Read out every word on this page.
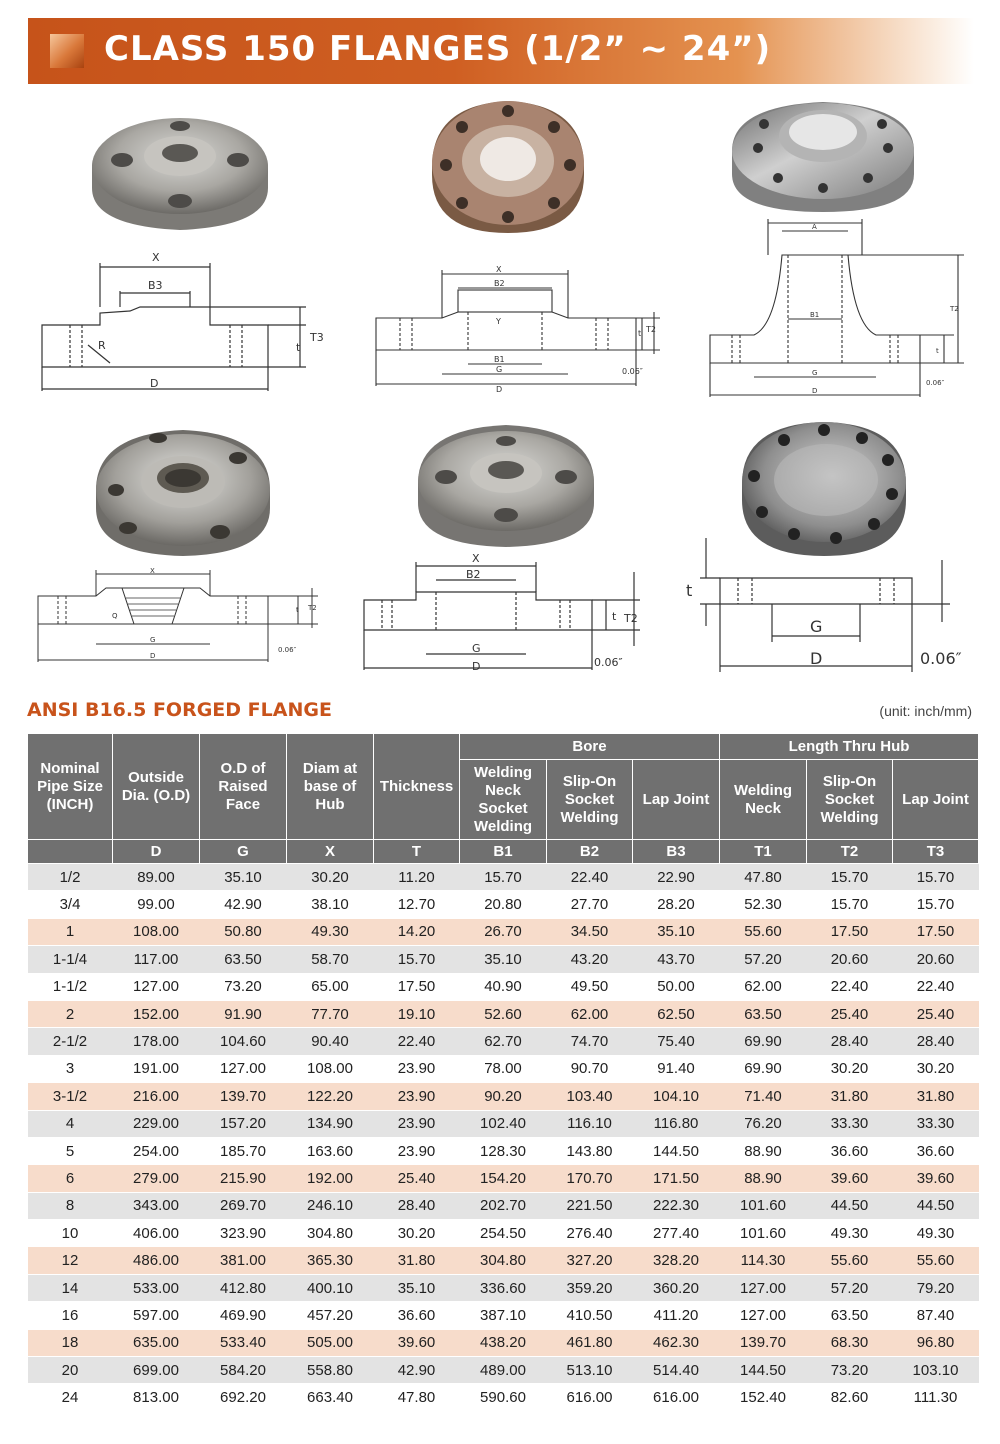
CLASS 150 FLANGES (1/2” ~ 24”)
X
B3
R
D
t
T3
X
B2
Y
B1
G
D
t T2
0.06″
A
B1
G
D
t
T2
0.06″
X
Q
G
D
t T2
0.06″
X
B2
G
D
t T2
0.06″
t
G
D	0.06″
ANSI B16.5 FORGED FLANGE	(unit: inch/mm)
Nominal Pipe Size (INCH)	Outside Dia. (O.D)	O.D of Raised Face	Diam at base of Hub	Thickness	Bore			Length Thru Hub		
					Welding Neck Socket Welding	Slip-On Socket Welding	Lap Joint	Welding Neck	Slip-On Socket Welding	Lap Joint
	D	G	X	T	B1	B2	B3	T1	T2	T3
1/2	89.00	35.10	30.20	11.20	15.70	22.40	22.90	47.80	15.70	15.70
3/4	99.00	42.90	38.10	12.70	20.80	27.70	28.20	52.30	15.70	15.70
1	108.00	50.80	49.30	14.20	26.70	34.50	35.10	55.60	17.50	17.50
1-1/4	117.00	63.50	58.70	15.70	35.10	43.20	43.70	57.20	20.60	20.60
1-1/2	127.00	73.20	65.00	17.50	40.90	49.50	50.00	62.00	22.40	22.40
2	152.00	91.90	77.70	19.10	52.60	62.00	62.50	63.50	25.40	25.40
2-1/2	178.00	104.60	90.40	22.40	62.70	74.70	75.40	69.90	28.40	28.40
3	191.00	127.00	108.00	23.90	78.00	90.70	91.40	69.90	30.20	30.20
3-1/2	216.00	139.70	122.20	23.90	90.20	103.40	104.10	71.40	31.80	31.80
4	229.00	157.20	134.90	23.90	102.40	116.10	116.80	76.20	33.30	33.30
5	254.00	185.70	163.60	23.90	128.30	143.80	144.50	88.90	36.60	36.60
6	279.00	215.90	192.00	25.40	154.20	170.70	171.50	88.90	39.60	39.60
8	343.00	269.70	246.10	28.40	202.70	221.50	222.30	101.60	44.50	44.50
10	406.00	323.90	304.80	30.20	254.50	276.40	277.40	101.60	49.30	49.30
12	486.00	381.00	365.30	31.80	304.80	327.20	328.20	114.30	55.60	55.60
14	533.00	412.80	400.10	35.10	336.60	359.20	360.20	127.00	57.20	79.20
16	597.00	469.90	457.20	36.60	387.10	410.50	411.20	127.00	63.50	87.40
18	635.00	533.40	505.00	39.60	438.20	461.80	462.30	139.70	68.30	96.80
20	699.00	584.20	558.80	42.90	489.00	513.10	514.40	144.50	73.20	103.10
24	813.00	692.20	663.40	47.80	590.60	616.00	616.00	152.40	82.60	111.30
